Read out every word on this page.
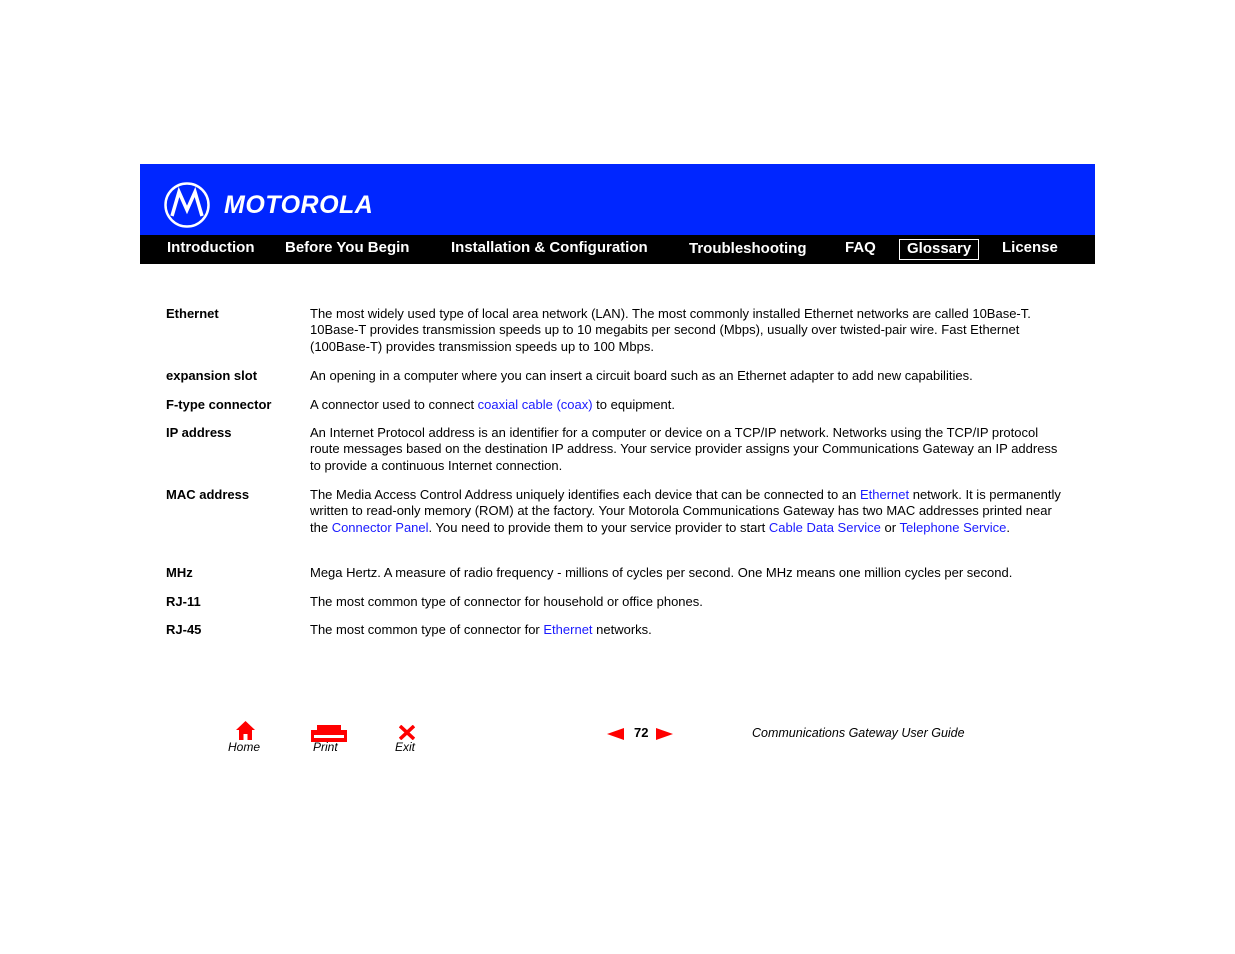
MOTOROLA
Introduction Before You Begin	Installation & Configuration	Troubleshooting	FAQ	Glossary	License
Ethernet	The most widely used type of local area network (LAN). The most commonly installed Ethernet networks are called 10Base-T. 10Base-T provides transmission speeds up to 10 megabits per second (Mbps), usually over twisted-pair wire. Fast Ethernet (100Base-T) provides transmission speeds up to 100 Mbps.
expansion slot	An opening in a computer where you can insert a circuit board such as an Ethernet adapter to add new capabilities.
F-type connector	A connector used to connect coaxial cable (coax) to equipment.
IP address	An Internet Protocol address is an identifier for a computer or device on a TCP/IP network. Networks using the TCP/IP protocol route messages based on the destination IP address. Your service provider assigns your Communications Gateway an IP address to provide a continuous Internet connection.
MAC address	The Media Access Control Address uniquely identifies each device that can be connected to an Ethernet network. It is permanently written to read-only memory (ROM) at the factory. Your Motorola Communications Gateway has two MAC addresses printed near the Connector Panel. You need to provide them to your service provider to start Cable Data Service or Telephone Service.
MHz	Mega Hertz. A measure of radio frequency - millions of cycles per second. One MHz means one million cycles per second.
RJ-11	The most common type of connector for household or office phones.
RJ-45	The most common type of connector for Ethernet networks.
Home	Print	Exit
72	Communications Gateway User Guide
